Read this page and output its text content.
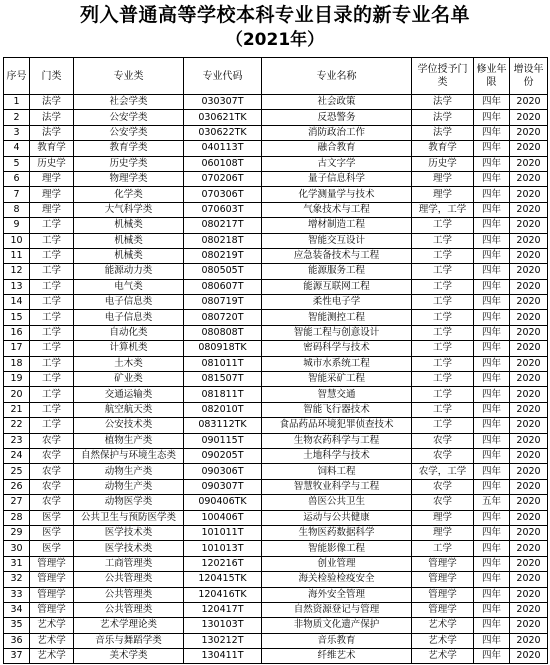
列入普通高等学校本科专业目录的新专业名单
（2021年）
序号	门类	专业类	专业代码	专业名称	学位授予门类	修业年限	增设年份
1	法学	社会学类	030307T	社会政策	法学	四年	2020
2	法学	公安学类	030621TK	反恐警务	法学	四年	2020
3	法学	公安学类	030622TK	消防政治工作	法学	四年	2020
4	教育学	教育学类	040113T	融合教育	教育学	四年	2020
5	历史学	历史学类	060108T	古文字学	历史学	四年	2020
6	理学	物理学类	070206T	量子信息科学	理学	四年	2020
7	理学	化学类	070306T	化学测量学与技术	理学	四年	2020
8	理学	大气科学类	070603T	气象技术与工程	理学，工学	四年	2020
9	工学	机械类	080217T	增材制造工程	工学	四年	2020
10	工学	机械类	080218T	智能交互设计	工学	四年	2020
11	工学	机械类	080219T	应急装备技术与工程	工学	四年	2020
12	工学	能源动力类	080505T	能源服务工程	工学	四年	2020
13	工学	电气类	080607T	能源互联网工程	工学	四年	2020
14	工学	电子信息类	080719T	柔性电子学	工学	四年	2020
15	工学	电子信息类	080720T	智能测控工程	工学	四年	2020
16	工学	自动化类	080808T	智能工程与创意设计	工学	四年	2020
17	工学	计算机类	080918TK	密码科学与技术	工学	四年	2020
18	工学	土木类	081011T	城市水系统工程	工学	四年	2020
19	工学	矿业类	081507T	智能采矿工程	工学	四年	2020
20	工学	交通运输类	081811T	智慧交通	工学	四年	2020
21	工学	航空航天类	082010T	智能飞行器技术	工学	四年	2020
22	工学	公安技术类	083112TK	食品药品环境犯罪侦查技术	工学	四年	2020
23	农学	植物生产类	090115T	生物农药科学与工程	农学	四年	2020
24	农学	自然保护与环境生态类	090205T	土地科学与技术	农学	四年	2020
25	农学	动物生产类	090306T	饲料工程	农学，工学	四年	2020
26	农学	动物生产类	090307T	智慧牧业科学与工程	农学	四年	2020
27	农学	动物医学类	090406TK	兽医公共卫生	农学	五年	2020
28	医学	公共卫生与预防医学类	100406T	运动与公共健康	理学	四年	2020
29	医学	医学技术类	101011T	生物医药数据科学	理学	四年	2020
30	医学	医学技术类	101013T	智能影像工程	工学	四年	2020
31	管理学	工商管理类	120216T	创业管理	管理学	四年	2020
32	管理学	公共管理类	120415TK	海关检验检疫安全	管理学	四年	2020
33	管理学	公共管理类	120416TK	海外安全管理	管理学	四年	2020
34	管理学	公共管理类	120417T	自然资源登记与管理	管理学	四年	2020
35	艺术学	艺术学理论类	130103T	非物质文化遗产保护	艺术学	四年	2020
36	艺术学	音乐与舞蹈学类	130212T	音乐教育	艺术学	四年	2020
37	艺术学	美术学类	130411T	纤维艺术	艺术学	四年	2020
